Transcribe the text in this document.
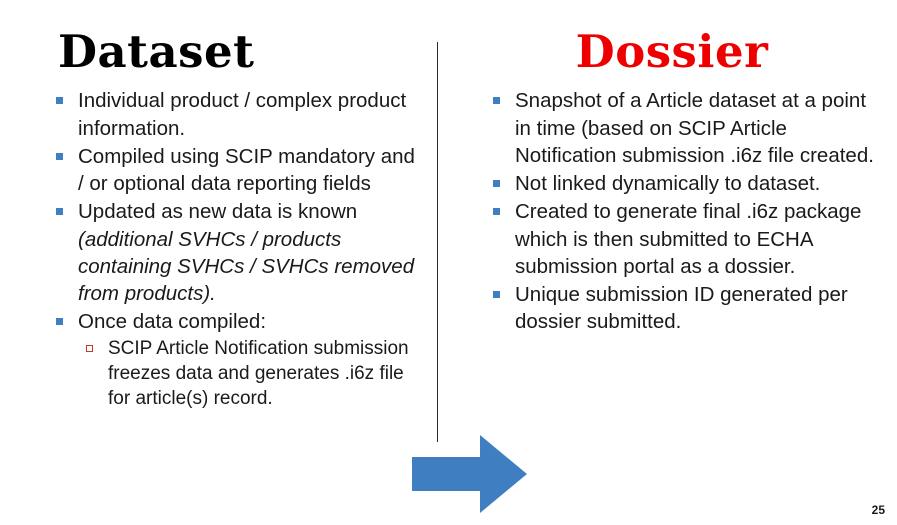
Dataset
Individual product / complex product information.
Compiled using SCIP mandatory and / or optional data reporting fields
Updated as new data is known (additional SVHCs / products containing SVHCs / SVHCs removed from products).
Once data compiled:
SCIP Article Notification submission freezes data and generates .i6z file for article(s) record.
Dossier
Snapshot of a Article dataset at a point in time (based on SCIP Article Notification submission .i6z file created.
Not linked dynamically to dataset.
Created to generate final .i6z package which is then submitted to ECHA submission portal as a dossier.
Unique submission ID generated per dossier submitted.
25
